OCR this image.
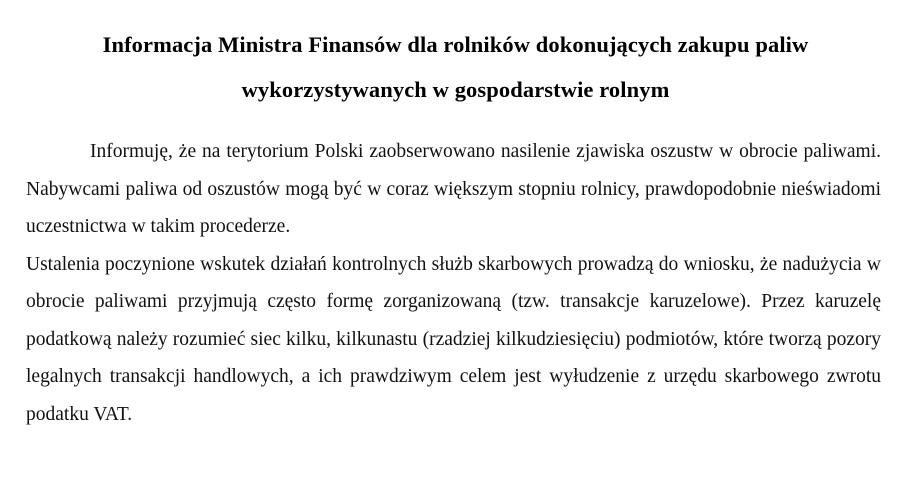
Informacja Ministra Finansów dla rolników dokonujących zakupu paliw
wykorzystywanych w gospodarstwie rolnym

Informuję, że na terytorium Polski zaobserwowano nasilenie zjawiska oszustw w obrocie paliwami. Nabywcami paliwa od oszustów mogą być w coraz większym stopniu rolnicy, prawdopodobnie nieświadomi uczestnictwa w takim procederze.

Ustalenia poczynione wskutek działań kontrolnych służb skarbowych prowadzą do wniosku, że nadużycia w obrocie paliwami przyjmują często formę zorganizowaną (tzw. transakcje karuzelowe). Przez karuzelę podatkową należy rozumieć siec kilku, kilkunastu (rzadziej kilkudziesięciu) podmiotów, które tworzą pozory legalnych transakcji handlowych, a ich prawdziwym celem jest wyłudzenie z urzędu skarbowego zwrotu podatku VAT.
